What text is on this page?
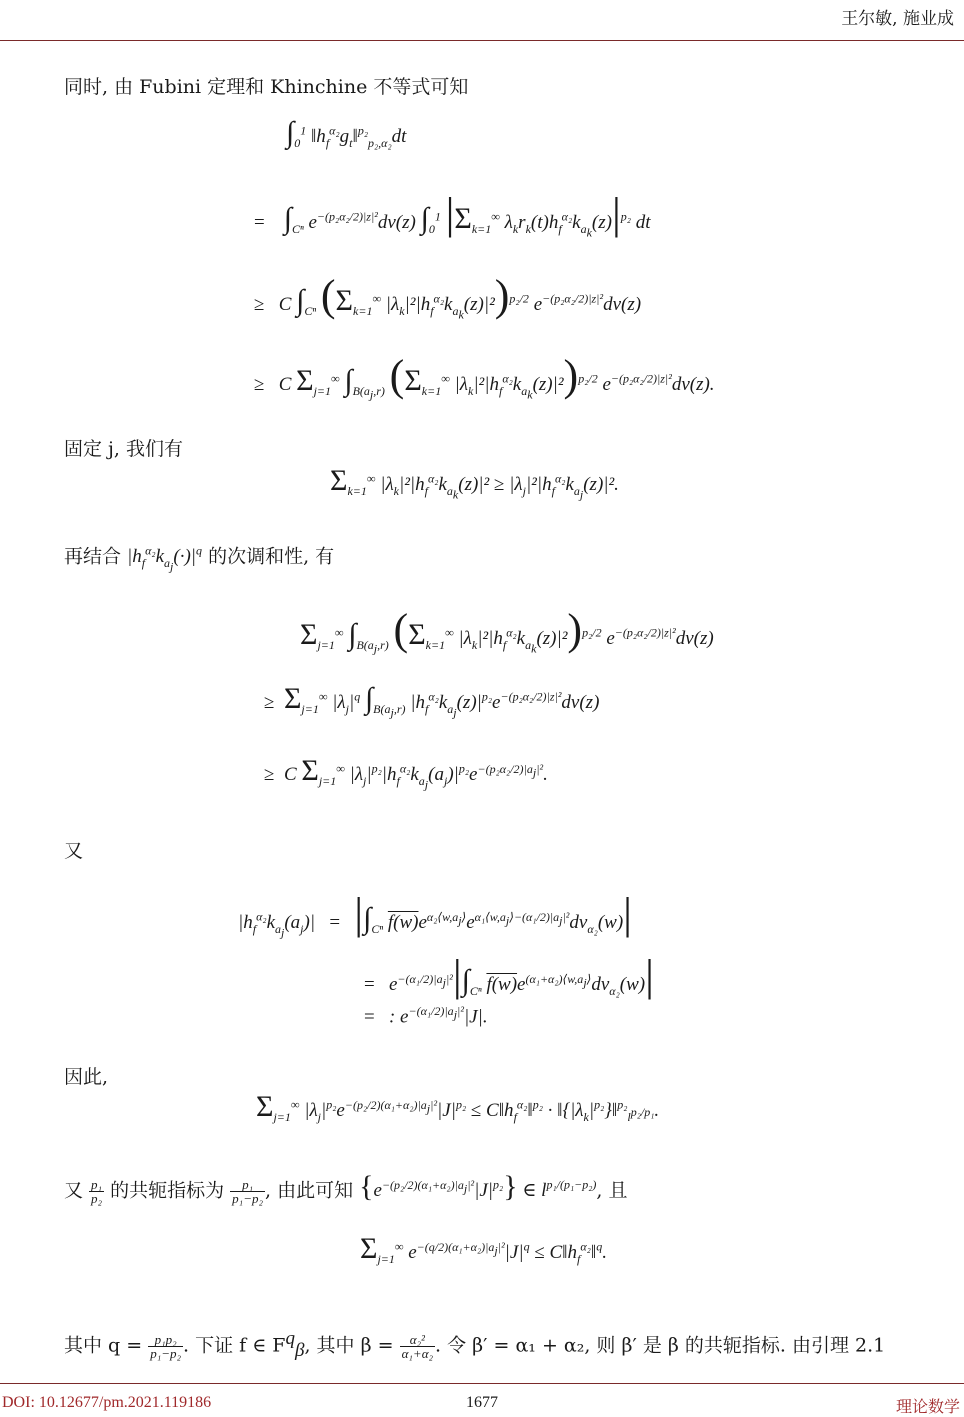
王尔敏, 施业成
同时, 由 Fubini 定理和 Khinchine 不等式可知
$\int_0^1$ $‖h_f^{\alpha_2}g_t‖^{p_2}_{p_2,\alpha_2}dt$
= $\int_{C^n}$ $e^{-(p_2\alpha_2/2)|z|^2}dv(z)$ $\int_0^1$ $|\Sigma_{k=1}^\infty$ $\lambda_kr_k(t)h_f^{\alpha_2}k_{a_k}(z)|^{p_2}$ dt
≥   C $\int_{C^n}$ ($\Sigma_{k=1}^\infty$ $|\lambda_k|^2|h_f^{\alpha_2}k_{a_k}(z)|^2)^{p_2/2}$ $e^{-(p_2\alpha_2/2)|z|^2}dv(z)$
≥   C $\Sigma_{j=1}^\infty$ $\int_{B(a_j,r)}$ ($\Sigma_{k=1}^\infty$ $|\lambda_k|^2|h_f^{\alpha_2}k_{a_k}(z)|^2)^{p_2/2}$ $e^{-(p_2\alpha_2/2)|z|^2}dv(z)$.
固定 j, 我们有
$\Sigma_{k=1}^\infty$ $|\lambda_k|^2|h_f^{\alpha_2}k_{a_k}(z)|^2 \ge |\lambda_j|^2|h_f^{\alpha_2}k_{a_j}(z)|^2$.
再结合 $|h_f^{\alpha_2}k_{a_j}(\cdot)|^q$ 的次调和性, 有
$\Sigma_{j=1}^\infty$ $\int_{B(a_j,r)}$ ($\Sigma_{k=1}^\infty$ $|\lambda_k|^2|h_f^{\alpha_2}k_{a_k}(z)|^2)^{p_2/2}$ $e^{-(p_2\alpha_2/2)|z|^2}dv(z)$
≥ $\Sigma_{j=1}^\infty$ $|\lambda_j|^q$ $\int_{B(a_j,r)}$ $|h_f^{\alpha_2}k_{a_j}(z)|^{p_2}e^{-(p_2\alpha_2/2)|z|^2}dv(z)$
≥  C $\Sigma_{j=1}^\infty$ $|\lambda_j|^{p_2}|h_f^{\alpha_2}k_{a_j}(a_j)|^{p_2}e^{-(p_2\alpha_2/2)|a_j|^2}$.
又
$|h_f^{\alpha_2}k_{a_j}(a_j)| = |\int_{C^n}$ $f(w)e^{\alpha_2⟨w,a_j⟩}e^{\alpha_1⟨w,a_j⟩-(\alpha_1/2)|a_j|^2}dv_{\alpha_2}(w)|$
=   $e^{-(\alpha_1/2)|a_j|^2}|\int_{C^n}$ $f(w)e^{(\alpha_1+\alpha_2)⟨w,a_j⟩}dv_{\alpha_2}(w)|$
=   : $e^{-(\alpha_1/2)|a_j|^2}|J|$.
因此,
$\Sigma_{j=1}^\infty$ $|\lambda_j|^{p_2}e^{-(p_2/2)(\alpha_1+\alpha_2)|a_j|^2}|J|^{p_2}$ ≤ $C‖h_f^{\alpha_2}‖^{p_2}$ · $‖\{|\lambda_k|^{p_2}\}‖^{p_2}_{l^{p_2/p_1}}$.
又 $\frac{\text{p₁}}{\text{p₂}}$ 的共轭指标为 $\frac{\text{p₁}}{\text{p₁−p₂}}$ , 由此可知 $\{e^{-(p_2/2)(\alpha_1+\alpha_2)|a_j|^2}|J|^{p_2}\}$ ∈ $l^{p_1/(p_1-p_2)}$, 且
$\Sigma_{j=1}^\infty$ $e^{-(q/2)(\alpha_1+\alpha_2)|a_j|^2}|J|^q$ ≤ $C‖h_f^{\alpha_2}‖^q$.
其中 $q = \frac{\text{p₁p₂}}{\text{p₁−p₂}}$ . 下证 f ∈ $F^q_\beta$, 其中 $\beta = \frac{\text{α₂²}}{\text{α₁+α₂}}$ . 令 β′ = α₁ + α₂, 则 β′ 是 β 的共轭指标. 由引理 2.1
DOI: 10.12677/pm.2021.119186	1677	理论数学
